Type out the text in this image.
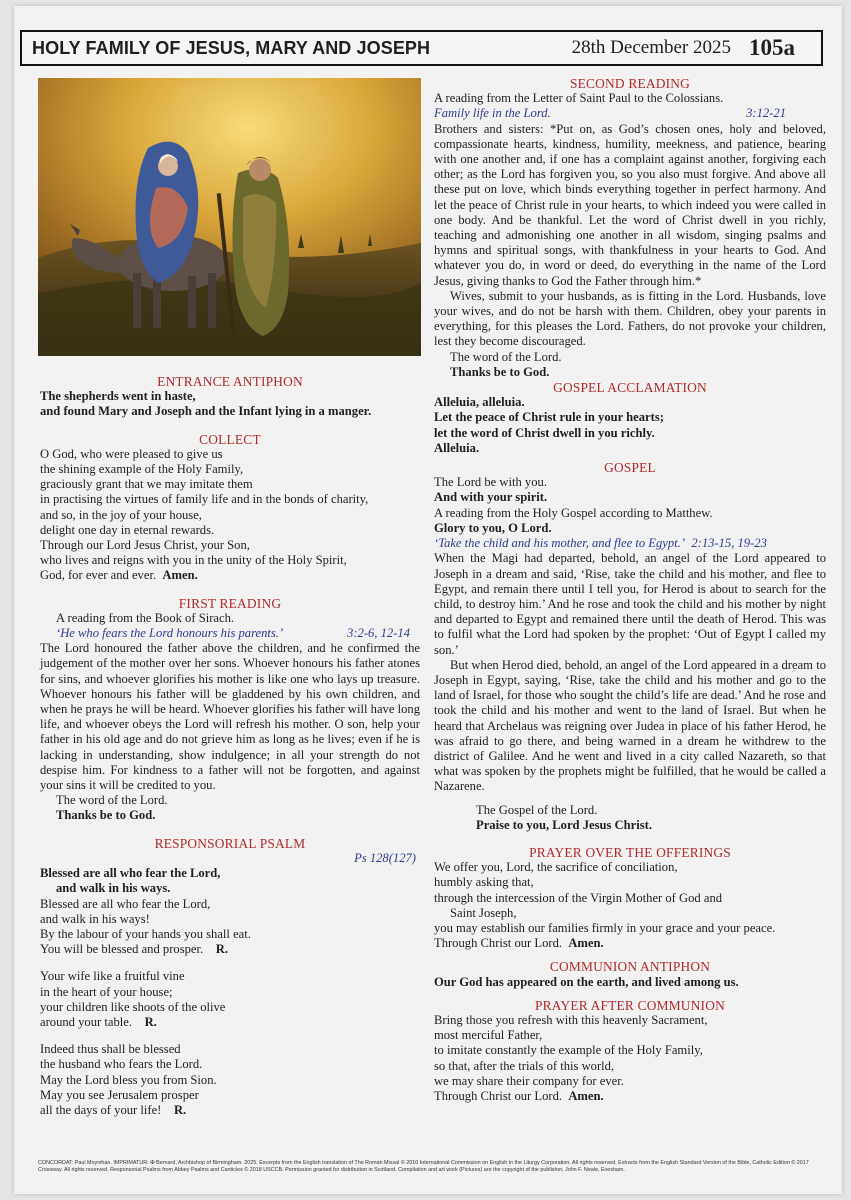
HOLY FAMILY OF JESUS, MARY AND JOSEPH	28th December 2025 105a

ENTRANCE ANTIPHON

The shepherds went in haste,

and found Mary and Joseph and the Infant lying in a manger.

COLLECT

O God, who were pleased to give us

the shining example of the Holy Family,

graciously grant that we may imitate them

in practising the virtues of family life and in the bonds of charity,

and so, in the joy of your house,

delight one day in eternal rewards.

Through our Lord Jesus Christ, your Son,

who lives and reigns with you in the unity of the Holy Spirit,

God, for ever and ever. Amen.

FIRST READING

A reading from the Book of Sirach.

‘He who fears the Lord honours his parents.’	3:2-6, 12-14

The Lord honoured the father above the children, and he confirmed the judgement of the mother over her sons. Whoever honours his father atones for sins, and whoever glorifies his mother is like one who lays up treasure. Whoever honours his father will be gladdened by his own children, and when he prays he will be heard. Whoever glorifies his father will have long life, and whoever obeys the Lord will refresh his mother. O son, help your father in his old age and do not grieve him as long as he lives; even if he is lacking in understanding, show indulgence; in all your strength do not despise him. For kindness to a father will not be forgotten, and against your sins it will be credited to you.

The word of the Lord.

Thanks be to God.

RESPONSORIAL PSALM

Ps 128(127)

Blessed are all who fear the Lord,

and walk in his ways.

Blessed are all who fear the Lord,

and walk in his ways!

By the labour of your hands you shall eat.

You will be blessed and prosper. R.

Your wife like a fruitful vine

in the heart of your house;

your children like shoots of the olive

around your table. R.

Indeed thus shall be blessed

the husband who fears the Lord.

May the Lord bless you from Sion.

May you see Jerusalem prosper

all the days of your life! R.

SECOND READING

A reading from the Letter of Saint Paul to the Colossians.

Family life in the Lord.	3:12-21

Brothers and sisters: *Put on, as God’s chosen ones, holy and beloved, compassionate hearts, kindness, humility, meekness, and patience, bearing with one another and, if one has a complaint against another, forgiving each other; as the Lord has forgiven you, so you also must forgive. And above all these put on love, which binds everything together in perfect harmony. And let the peace of Christ rule in your hearts, to which indeed you were called in one body. And be thankful. Let the word of Christ dwell in you richly, teaching and admonishing one another in all wisdom, singing psalms and hymns and spiritual songs, with thankfulness in your hearts to God. And whatever you do, in word or deed, do everything in the name of the Lord Jesus, giving thanks to God the Father through him.*

Wives, submit to your husbands, as is fitting in the Lord. Husbands, love your wives, and do not be harsh with them. Children, obey your parents in everything, for this pleases the Lord. Fathers, do not provoke your children, lest they become discouraged.

The word of the Lord.

Thanks be to God.

GOSPEL ACCLAMATION

Alleluia, alleluia.

Let the peace of Christ rule in your hearts;

let the word of Christ dwell in you richly.

Alleluia.

GOSPEL

The Lord be with you.

And with your spirit.

A reading from the Holy Gospel according to Matthew.

Glory to you, O Lord.

‘Take the child and his mother, and flee to Egypt.’ 2:13-15, 19-23

When the Magi had departed, behold, an angel of the Lord appeared to Joseph in a dream and said, ‘Rise, take the child and his mother, and flee to Egypt, and remain there until I tell you, for Herod is about to search for the child, to destroy him.’ And he rose and took the child and his mother by night and departed to Egypt and remained there until the death of Herod. This was to fulfil what the Lord had spoken by the prophet: ‘Out of Egypt I called my son.’

But when Herod died, behold, an angel of the Lord appeared in a dream to Joseph in Egypt, saying, ‘Rise, take the child and his mother and go to the land of Israel, for those who sought the child’s life are dead.’ And he rose and took the child and his mother and went to the land of Israel. But when he heard that Archelaus was reigning over Judea in place of his father Herod, he was afraid to go there, and being warned in a dream he withdrew to the district of Galilee. And he went and lived in a city called Nazareth, so that what was spoken by the prophets might be fulfilled, that he would be called a Nazarene.

The Gospel of the Lord.

Praise to you, Lord Jesus Christ.

PRAYER OVER THE OFFERINGS

We offer you, Lord, the sacrifice of conciliation,

humbly asking that,

through the intercession of the Virgin Mother of God and

Saint Joseph,

you may establish our families firmly in your grace and your peace.

Through Christ our Lord. Amen.

COMMUNION ANTIPHON

Our God has appeared on the earth, and lived among us.

PRAYER AFTER COMMUNION

Bring those you refresh with this heavenly Sacrament,

most merciful Father,

to imitate constantly the example of the Holy Family,

so that, after the trials of this world,

we may share their company for ever.

Through Christ our Lord. Amen.

CONCORDAT: Paul Moynihan. IMPRIMATUR: ✠ Bernard, Archbishop of Birmingham. 2025. Excerpts from the English translation of The Roman Missal © 2010 International Commission on English in the Liturgy Corporation. All rights reserved. Extracts from the English Standard Version of the Bible, Catholic Edition © 2017 Crossway. All rights reserved. Responsorial Psalms from Abbey Psalms and Canticles © 2018 USCCB. Permission granted for distribution in Scotland. Compilation and art work (Pictures) are the copyright of the publisher, John F. Neale, Evesham.
